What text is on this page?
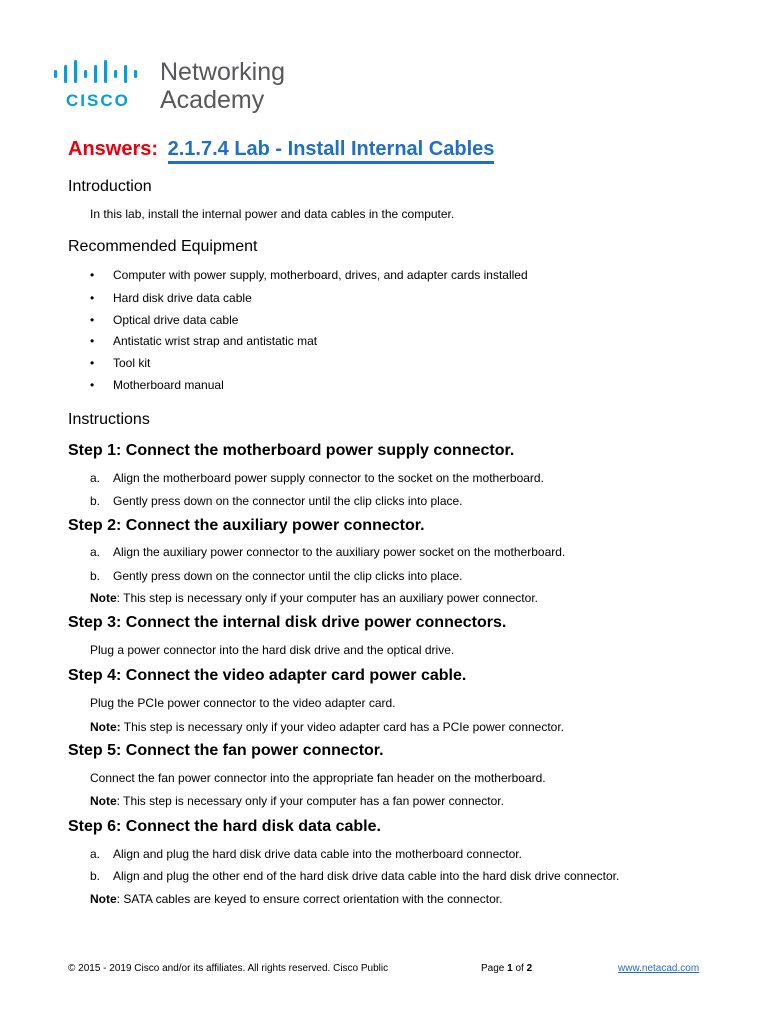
CISCO
Networking
Academy
Answers: 2.1.7.4 Lab - Install Internal Cables
Introduction
In this lab, install the internal power and data cables in the computer.
Recommended Equipment
• Computer with power supply, motherboard, drives, and adapter cards installed
• Hard disk drive data cable
• Optical drive data cable
• Antistatic wrist strap and antistatic mat
• Tool kit
• Motherboard manual
Instructions
Step 1: Connect the motherboard power supply connector.
a. Align the motherboard power supply connector to the socket on the motherboard.
b. Gently press down on the connector until the clip clicks into place.
Step 2: Connect the auxiliary power connector.
a. Align the auxiliary power connector to the auxiliary power socket on the motherboard.
b. Gently press down on the connector until the clip clicks into place.
Note: This step is necessary only if your computer has an auxiliary power connector.
Step 3: Connect the internal disk drive power connectors.
Plug a power connector into the hard disk drive and the optical drive.
Step 4: Connect the video adapter card power cable.
Plug the PCIe power connector to the video adapter card.
Note: This step is necessary only if your video adapter card has a PCIe power connector.
Step 5: Connect the fan power connector.
Connect the fan power connector into the appropriate fan header on the motherboard.
Note: This step is necessary only if your computer has a fan power connector.
Step 6: Connect the hard disk data cable.
a. Align and plug the hard disk drive data cable into the motherboard connector.
b. Align and plug the other end of the hard disk drive data cable into the hard disk drive connector.
Note: SATA cables are keyed to ensure correct orientation with the connector.
© 2015 - 2019 Cisco and/or its affiliates. All rights reserved. Cisco Public	Page 1 of 2	www.netacad.com
